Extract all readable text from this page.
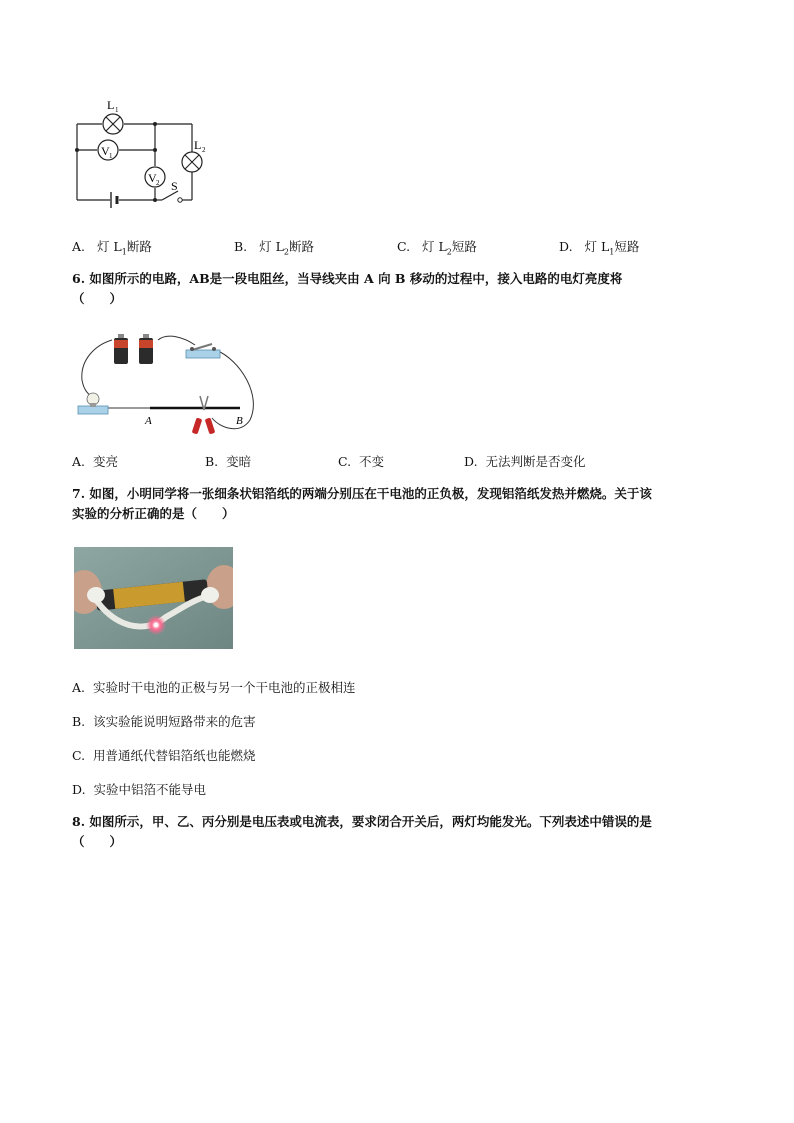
V 1
V 2
L 1
L 2
S
A. 灯 $L_1$断路	B. 灯 $L_2$断路	C. 灯 $L_2$短路	D. 灯 $L_1$短路
6. 如图所示的电路，AB是一段电阻丝，当导线夹由 A 向 B 移动的过程中，接入电路的电灯亮度将
（　　）
A	B
A. 变亮	B. 变暗	C. 不变	D. 无法判断是否变化
7. 如图，小明同学将一张细条状铝箔纸的两端分别压在干电池的正负极，发现铝箔纸发热并燃烧。关于该
实验的分析正确的是（　　）
A. 实验时干电池的正极与另一个干电池的正极相连
B. 该实验能说明短路带来的危害
C. 用普通纸代替铝箔纸也能燃烧
D. 实验中铝箔不能导电
8. 如图所示，甲、乙、丙分别是电压表或电流表，要求闭合开关后，两灯均能发光。下列表述中错误的是
（　　）
